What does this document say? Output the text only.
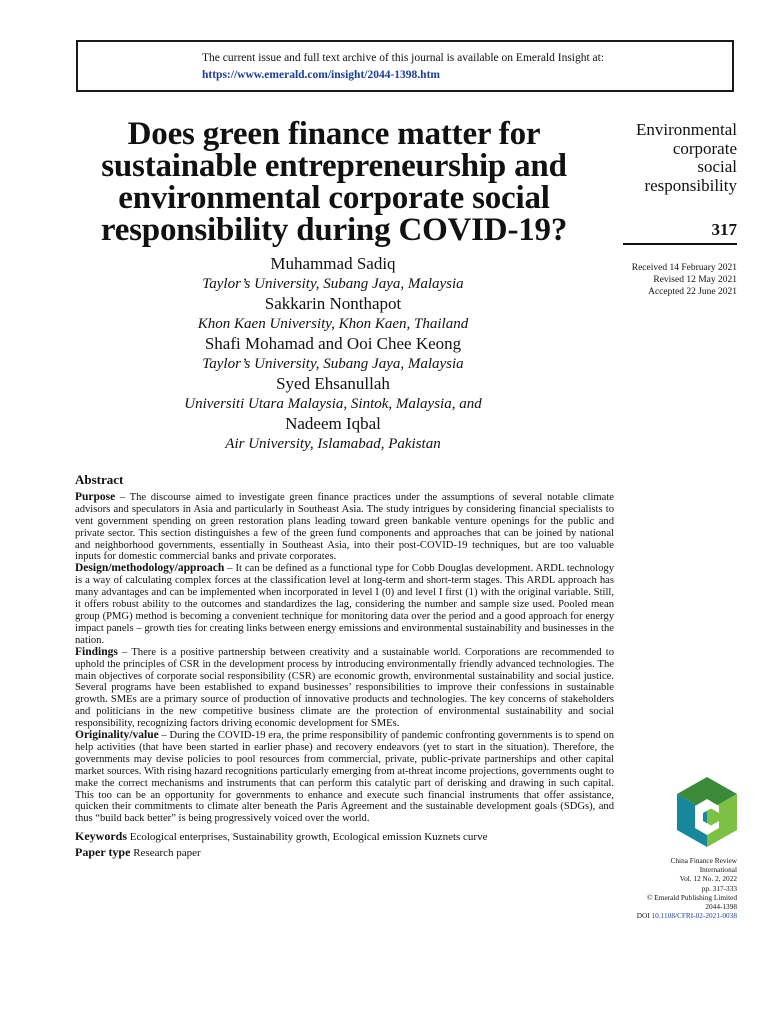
The current issue and full text archive of this journal is available on Emerald Insight at:
https://www.emerald.com/insight/2044-1398.htm
Does green finance matter for sustainable entrepreneurship and environmental corporate social responsibility during COVID-19?
Environmental
corporate
social
responsibility
317
Received 14 February 2021
Revised 12 May 2021
Accepted 22 June 2021
Muhammad Sadiq
Taylor’s University, Subang Jaya, Malaysia
Sakkarin Nonthapot
Khon Kaen University, Khon Kaen, Thailand
Shafi Mohamad and Ooi Chee Keong
Taylor’s University, Subang Jaya, Malaysia
Syed Ehsanullah
Universiti Utara Malaysia, Sintok, Malaysia, and
Nadeem Iqbal
Air University, Islamabad, Pakistan
Abstract

Purpose – The discourse aimed to investigate green finance practices under the assumptions of several notable climate advisors and speculators in Asia and particularly in Southeast Asia. The study intrigues by considering financial specialists to vent government spending on green restoration plans leading toward green bankable venture openings for the public and private sector. This section distinguishes a few of the green fund components and approaches that can be joined by national and neighborhood governments, essentially in Southeast Asia, into their post-COVID-19 techniques, but are too valuable inputs for domestic commercial banks and private corporates.

Design/methodology/approach – It can be defined as a functional type for Cobb Douglas development. ARDL technology is a way of calculating complex forces at the classification level at long-term and short-term stages. This ARDL approach has many advantages and can be implemented when incorporated in level I (0) and level I first (1) with the original variable. Still, it offers robust ability to the outcomes and standardizes the lag, considering the number and sample size used. Pooled mean group (PMG) method is becoming a convenient technique for monitoring data over the period and a good approach for energy impact panels – growth ties for creating links between energy emissions and environmental sustainability and businesses in the nation.

Findings – There is a positive partnership between creativity and a sustainable world. Corporations are recommended to uphold the principles of CSR in the development process by introducing environmentally friendly advanced technologies. The main objectives of corporate social responsibility (CSR) are economic growth, environmental sustainability and social justice. Several programs have been established to expand businesses’ responsibilities to improve their confessions in sustainable growth. SMEs are a primary source of production of innovative products and technologies. The key concerns of stakeholders and politicians in the new competitive business climate are the protection of environmental sustainability and social responsibility, recognizing factors driving economic development for SMEs.

Originality/value – During the COVID-19 era, the prime responsibility of pandemic confronting governments is to spend on help activities (that have been started in earlier phase) and recovery endeavors (yet to start in the situation). Therefore, the governments may devise policies to pool resources from commercial, private, public-private partnerships and other capital market sources. With rising hazard recognitions particularly emerging from at-threat income projections, governments ought to make the correct mechanisms and instruments that can perform this catalytic part of derisking and drawing in such capital. This too can be an opportunity for governments to enhance and execute such financial instruments that offer assistance, quicken their commitments to climate alter beneath the Paris Agreement and the sustainable development goals (SDGs), and thus “build back better” is being progressively voiced over the world.

Keywords Ecological enterprises, Sustainability growth, Ecological emission Kuznets curve
Paper type Research paper
China Finance Review
International
Vol. 12 No. 2, 2022
pp. 317-333
© Emerald Publishing Limited
2044-1398
DOI 10.1108/CFRI-02-2021-0038
